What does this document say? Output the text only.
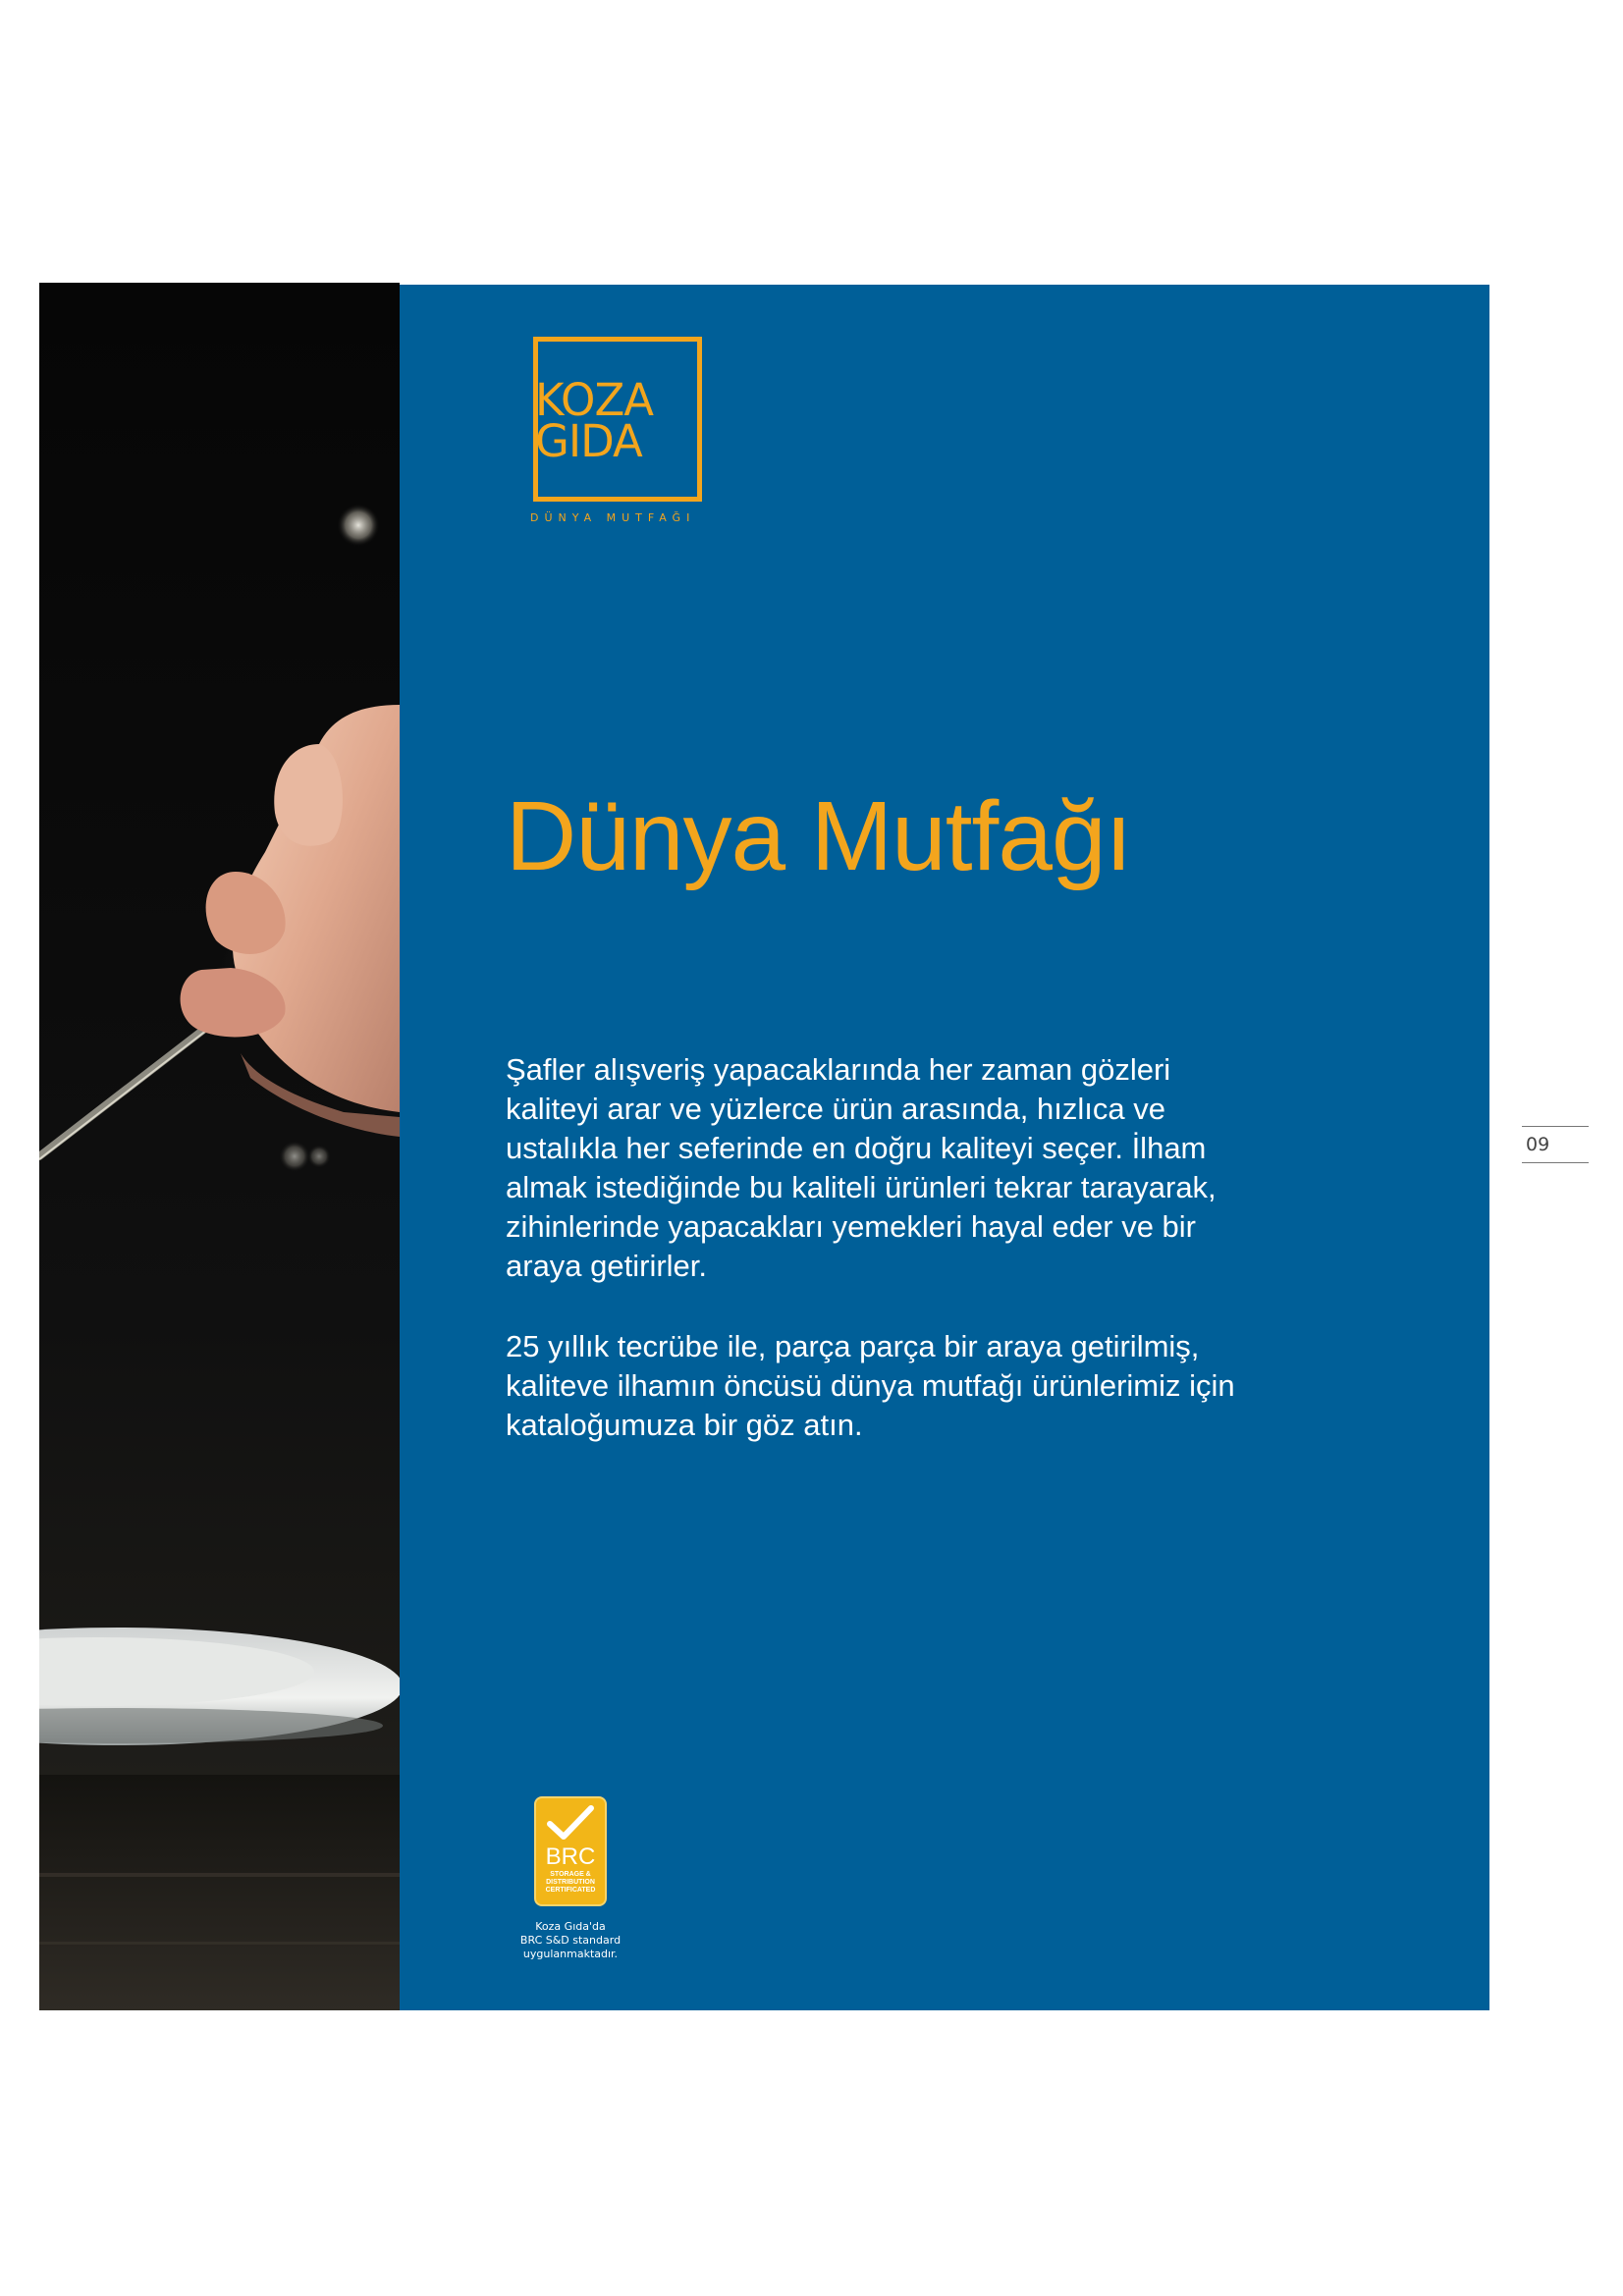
KOZA
GIDA
DÜNYA MUTFAĞI
Dünya Mutfağı

Şafler alışveriş yapacaklarında her zaman gözleri kaliteyi arar ve yüzlerce ürün arasında, hızlıca ve ustalıkla her seferinde en doğru kaliteyi seçer. İlham almak istediğinde bu kaliteli ürünleri tekrar tarayarak, zihinlerinde yapacakları yemekleri hayal eder ve bir araya getirirler.

25 yıllık tecrübe ile, parça parça bir araya getirilmiş, kaliteve ilhamın öncüsü dünya mutfağı ürünlerimiz için kataloğumuza bir göz atın.

BRC
STORAGE & DISTRIBUTION CERTIFICATED
Koza Gıda'da
BRC S&D standard
uygulanmaktadır.
09
